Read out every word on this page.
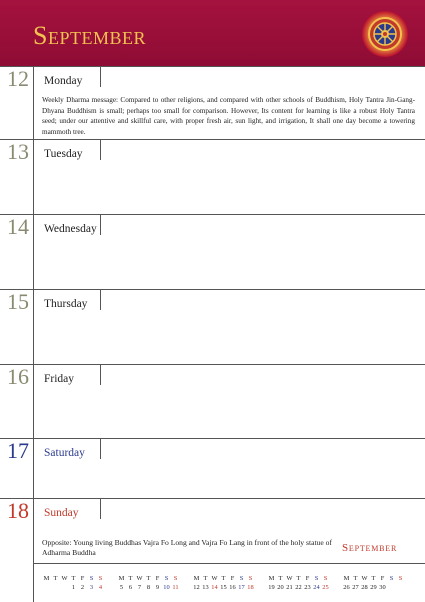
September
12 Monday
Weekly Dharma message: Compared to other religions, and compared with other schools of Buddhism, Holy Tantra Jin-Gang-Dhyana Buddhism is small; perhaps too small for comparison. However, Its content for learning is like a robust Holy Tantra seed; under our attentive and skillful care, with proper fresh air, sun light, and irrigation, It shall one day become a towering mammoth tree.
13 Tuesday
14 Wednesday
15 Thursday
16 Friday
17 Saturday
18 Sunday
Opposite: Young living Buddhas Vajra Fo Long and Vajra Fo Lang in front of the holy statue of Adharma Buddha	September
M T W T F S S
1 2 3 4
M T W T F S S
5 6 7 8 9 10 11
M T W T F S S
12 13 14 15 16 17 18
M T W T F S S
19 20 21 22 23 24 25
M T W T F S S
26 27 28 29 30
